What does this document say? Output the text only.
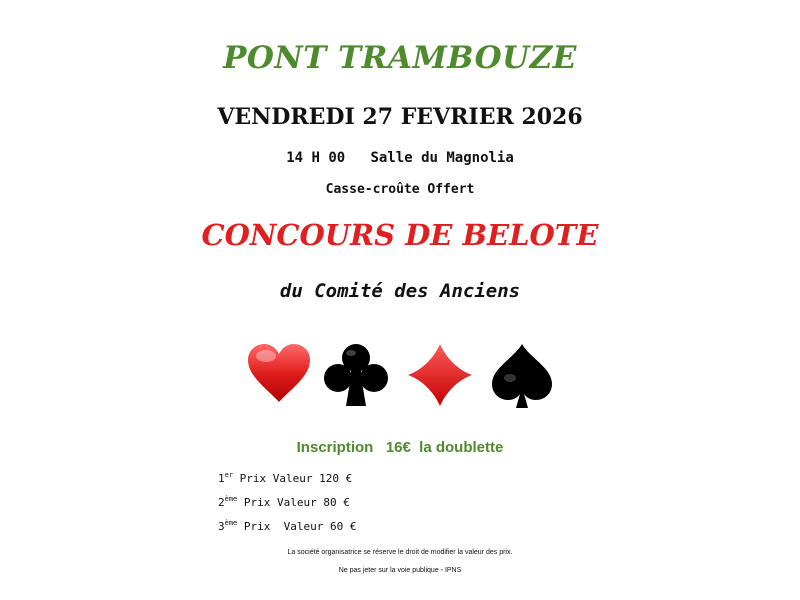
PONT TRAMBOUZE
VENDREDI 27 FEVRIER 2026
14 H 00   Salle du Magnolia
Casse-croûte Offert
CONCOURS DE BELOTE
du Comité des Anciens
Inscription   16€  la doublette
1er Prix Valeur 120 €
2ème Prix Valeur 80 €
3ème Prix  Valeur 60 €
La société organisatrice se réserve le droit de modifier la valeur des prix.
Ne pas jeter sur la voie publique - IPNS
